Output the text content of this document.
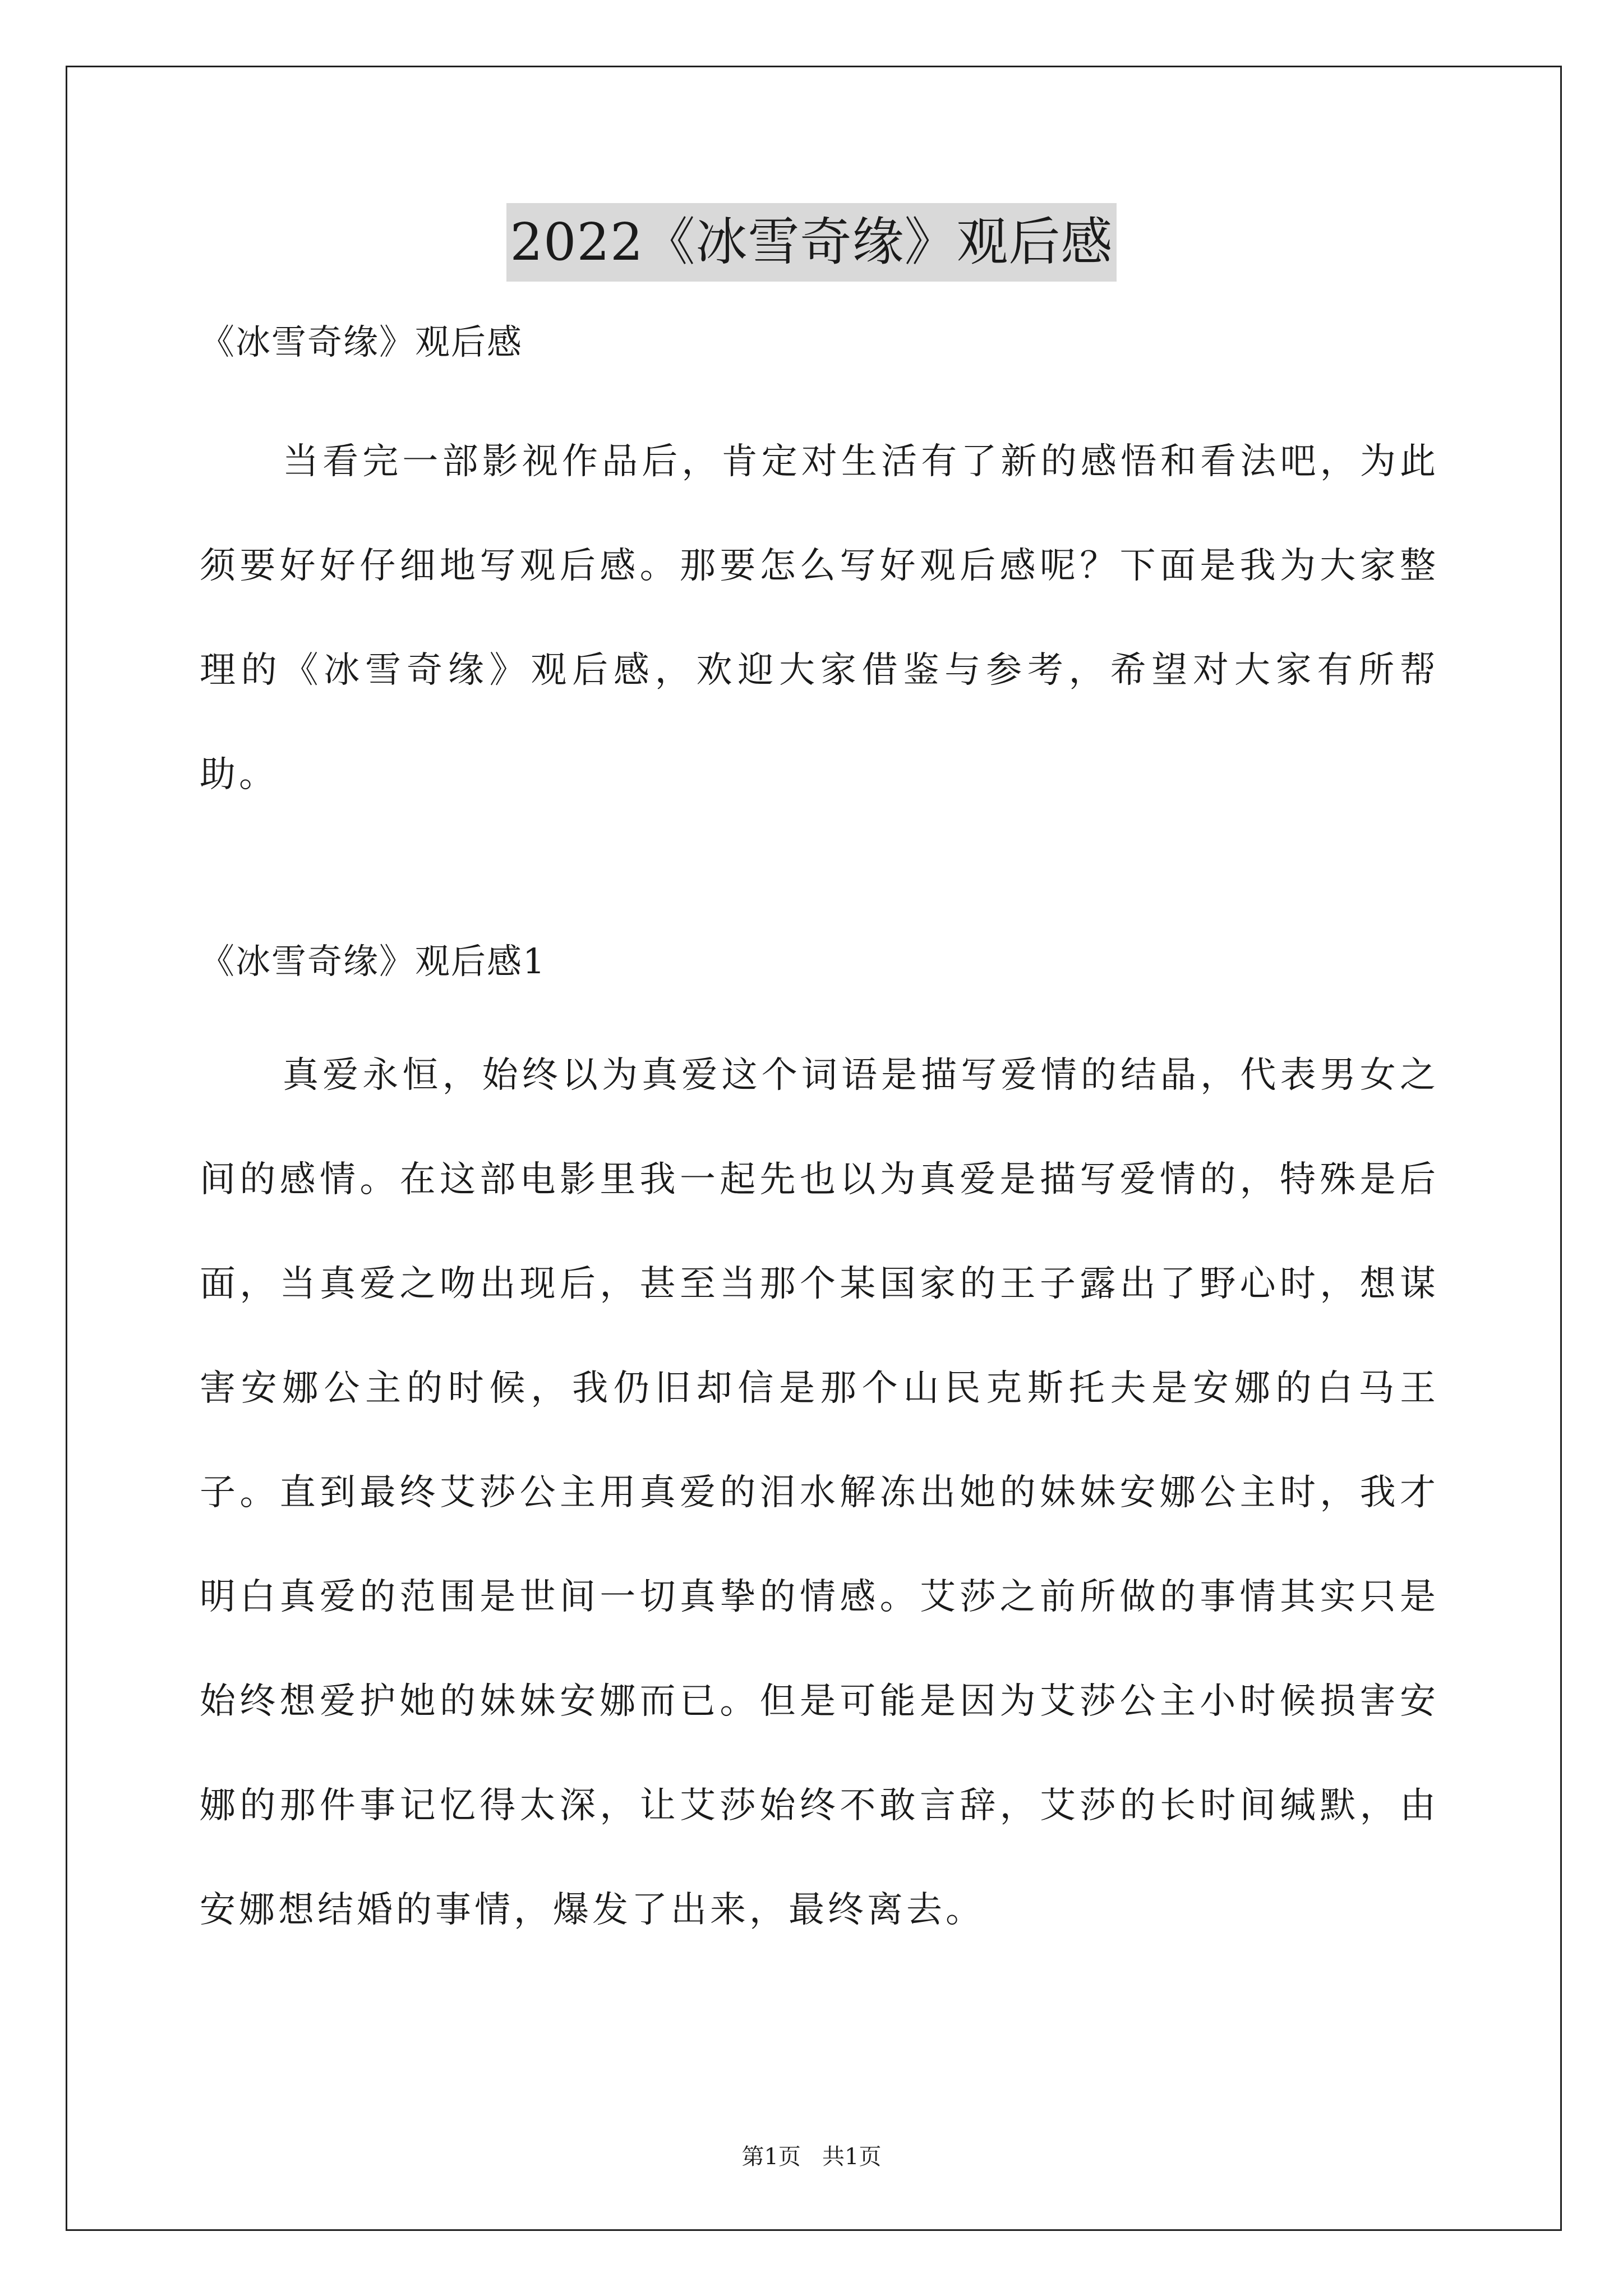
2022《冰雪奇缘》观后感

《冰雪奇缘》观后感

当看完一部影视作品后，肯定对生活有了新的感悟和看法吧，为此须要好好仔细地写观后感。那要怎么写好观后感呢？下面是我为大家整理的《冰雪奇缘》观后感，欢迎大家借鉴与参考，希望对大家有所帮助。

《冰雪奇缘》观后感1

真爱永恒，始终以为真爱这个词语是描写爱情的结晶，代表男女之间的感情。在这部电影里我一起先也以为真爱是描写爱情的，特殊是后面，当真爱之吻出现后，甚至当那个某国家的王子露出了野心时，想谋害安娜公主的时候，我仍旧却信是那个山民克斯托夫是安娜的白马王子。直到最终艾莎公主用真爱的泪水解冻出她的妹妹安娜公主时，我才明白真爱的范围是世间一切真挚的情感。艾莎之前所做的事情其实只是始终想爱护她的妹妹安娜而已。但是可能是因为艾莎公主小时候损害安娜的那件事记忆得太深，让艾莎始终不敢言辞，艾莎的长时间缄默，由安娜想结婚的事情，爆发了出来，最终离去。

第1页   共1页
